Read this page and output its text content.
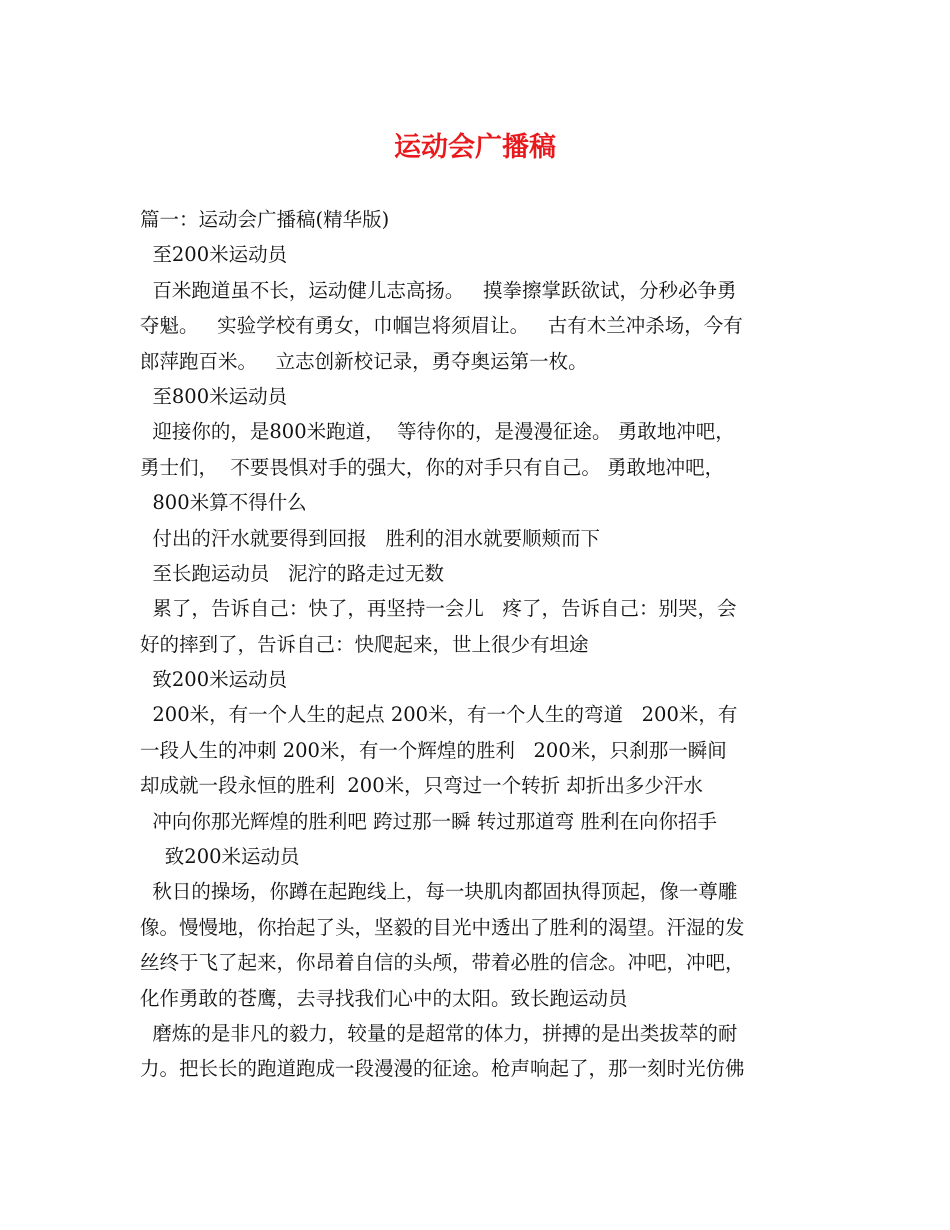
运动会广播稿
篇一：运动会广播稿(精华版)
至200米运动员
百米跑道虽不长，运动健儿志高扬。   摸拳擦掌跃欲试，分秒必争勇
夺魁。   实验学校有勇女，巾帼岂将须眉让。   古有木兰冲杀场，今有
郎萍跑百米。   立志创新校记录，勇夺奥运第一枚。
至800米运动员
迎接你的，是800米跑道，  等待你的，是漫漫征途。 勇敢地冲吧，
勇士们，  不要畏惧对手的强大，你的对手只有自己。 勇敢地冲吧，
800米算不得什么
付出的汗水就要得到回报   胜利的泪水就要顺颊而下
至长跑运动员   泥泞的路走过无数
累了，告诉自己：快了，再坚持一会儿   疼了，告诉自己：别哭，会
好的摔到了，告诉自己：快爬起来，世上很少有坦途
致200米运动员
200米，有一个人生的起点 200米，有一个人生的弯道   200米，有
一段人生的冲刺 200米，有一个辉煌的胜利   200米，只刹那一瞬间
却成就一段永恒的胜利  200米，只弯过一个转折 却折出多少汗水
冲向你那光辉煌的胜利吧 跨过那一瞬 转过那道弯 胜利在向你招手
致200米运动员
秋日的操场，你蹲在起跑线上，每一块肌肉都固执得顶起，像一尊雕
像。慢慢地，你抬起了头，坚毅的目光中透出了胜利的渴望。汗湿的发
丝终于飞了起来，你昂着自信的头颅，带着必胜的信念。冲吧，冲吧，
化作勇敢的苍鹰，去寻找我们心中的太阳。致长跑运动员
磨炼的是非凡的毅力，较量的是超常的体力，拼搏的是出类拔萃的耐
力。把长长的跑道跑成一段漫漫的征途。枪声响起了，那一刻时光仿佛
